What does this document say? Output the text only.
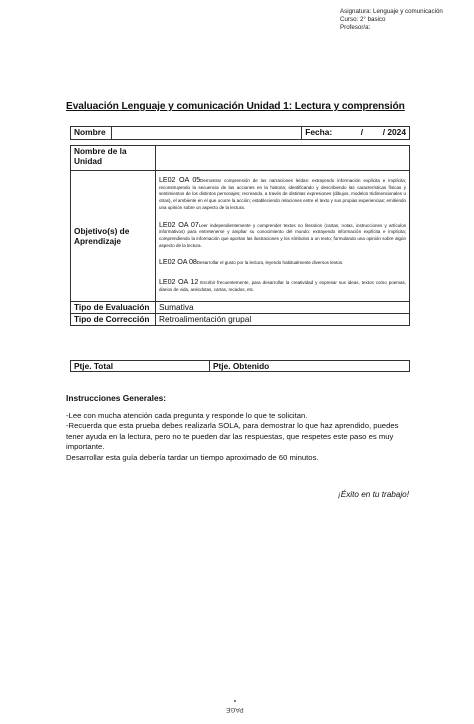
Asignatura: Lenguaje y comunicación
Curso: 2° basico
Profesor/a:
Evaluación Lenguaje y comunicación Unidad 1: Lectura y comprensión
Nombre		Fecha:	/ / 2024
Nombre de la Unidad	
Objetivo(s) de Aprendizaje	LE02 OA 05Demostrar comprensión de las narraciones leídas: extrayendo información explícita e implícita; reconstruyendo la secuencia de las acciones en la historia; identificando y describiendo las características físicas y sentimientos de los distintos personajes; recreando, a través de distintas expresiones (dibujos, modelos tridimensionales u otras), el ambiente en el que ocurre la acción; estableciendo relaciones entre el texto y sus propias experiencias; emitiendo una opinión sobre un aspecto de la lectura.
LE02 OA 07Leer independientemente y comprender textos no literarios (cartas, notas, instrucciones y artículos informativos) para entretenerse y ampliar su conocimiento del mundo: extrayendo información explícita e implícita; comprendiendo la información que aportan las ilustraciones y los símbolos a un texto; formulando una opinión sobre algún aspecto de la lectura.
LE02 OA 08Desarrollar el gusto por la lectura, leyendo habitualmente diversos textos.
LE02 OA 12 Escribir frecuentemente, para desarrollar la creatividad y expresar sus ideas, textos como poemas, diarios de vida, anécdotas, cartas, recados, etc.

Tipo de Evaluación	Sumativa
Tipo de Corrección	Retroalimentación grupal
Ptje. Total	Ptje. Obtenido
Instrucciones Generales:
-Lee con mucha atención cada pregunta y responde lo que te solicitan.
-Recuerda que esta prueba debes realizarla SOLA, para demostrar lo que haz aprendido, puedes tener ayuda en la lectura, pero no te pueden dar las respuestas, que respetes este paso es muy importante.
Desarrollar esta guía debería tardar un tiempo aproximado de 60 minutos.
¡Éxito en tu trabajo!
PAGE
